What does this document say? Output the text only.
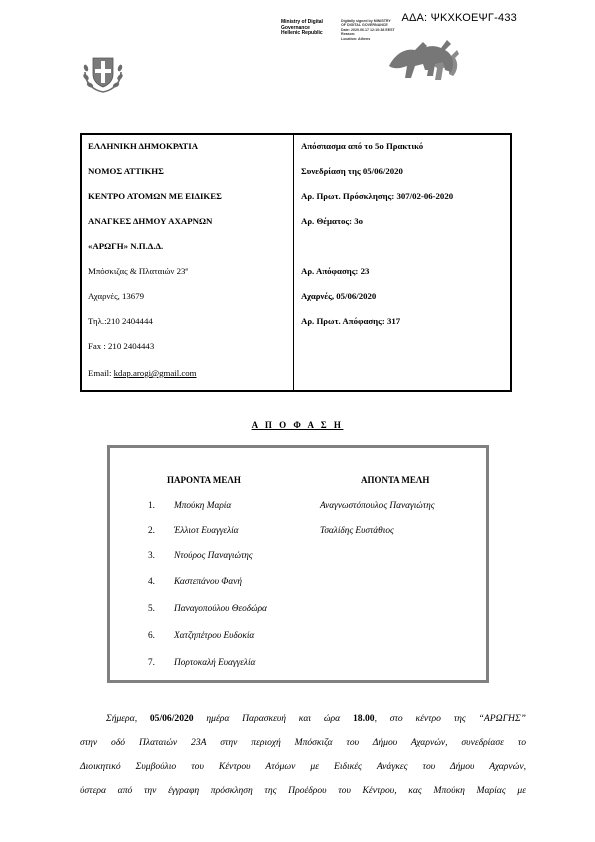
ΑΔΑ: ΨΚΧΚΟΕΨΓ-433
Ministry of Digital
Governance
Hellenic Republic
Digitally signed by MINISTRY
OF DIGITAL GOVERNANCE
Date: 2020.06.17 12:10:38 EEST
Reason:
Location: Athens
ΕΛΛΗΝΙΚΗ ΔΗΜΟΚΡΑΤΙΑ
ΝΟΜΟΣ ΑΤΤΙΚΗΣ
ΚΕΝΤΡΟ ΑΤΟΜΩΝ ΜΕ ΕΙΔΙΚΕΣ
ΑΝΑΓΚΕΣ ΔΗΜΟΥ ΑΧΑΡΝΩΝ
«ΑΡΩΓΗ» Ν.Π.Δ.Δ.
Μπόσκιζας & Πλαταιών 23ª
Αχαρνές, 13679
Τηλ.:210 2404444
Fax : 210 2404443
Email: kdap.arogi@gmail.com
Απόσπασμα από το 5ο Πρακτικό
Συνεδρίαση της 05/06/2020
Αρ. Πρωτ. Πρόσκλησης: 307/02-06-2020
Αρ. Θέματος: 3ο
Αρ. Απόφασης: 23
Αχαρνές, 05/06/2020
Αρ. Πρωτ. Απόφασης: 317
Α Π Ο Φ Α Σ Η
ΠΑΡΟΝΤΑ ΜΕΛΗ	ΑΠΟΝΤΑ ΜΕΛΗ
1. Μπούκη Μαρία
2. Έλλιοτ Ευαγγελία
3. Ντούρος Παναγιώτης
4. Καστεπάνου Φανή
5. Παναγοπούλου Θεοδώρα
6. Χατζηπέτρου Ευδοκία
7. Πορτοκαλή Ευαγγελία
Αναγνωστόπουλος Παναγιώτης
Τσαλίδης Ευστάθιος
Σήμερα, 05/06/2020 ημέρα Παρασκευή και ώρα 18.00, στο κέντρο της “ΑΡΩΓΗΣ”
στην οδό Πλαταιών 23Α στην περιοχή Μπόσκιζα του Δήμου Αχαρνών, συνεδρίασε το
Διοικητικό Συμβούλιο του Κέντρου Ατόμων με Ειδικές Ανάγκες του Δήμου Αχαρνών,
ύστερα από την έγγραφη πρόσκληση της Προέδρου του Κέντρου, κας Μπούκη Μαρίας με
